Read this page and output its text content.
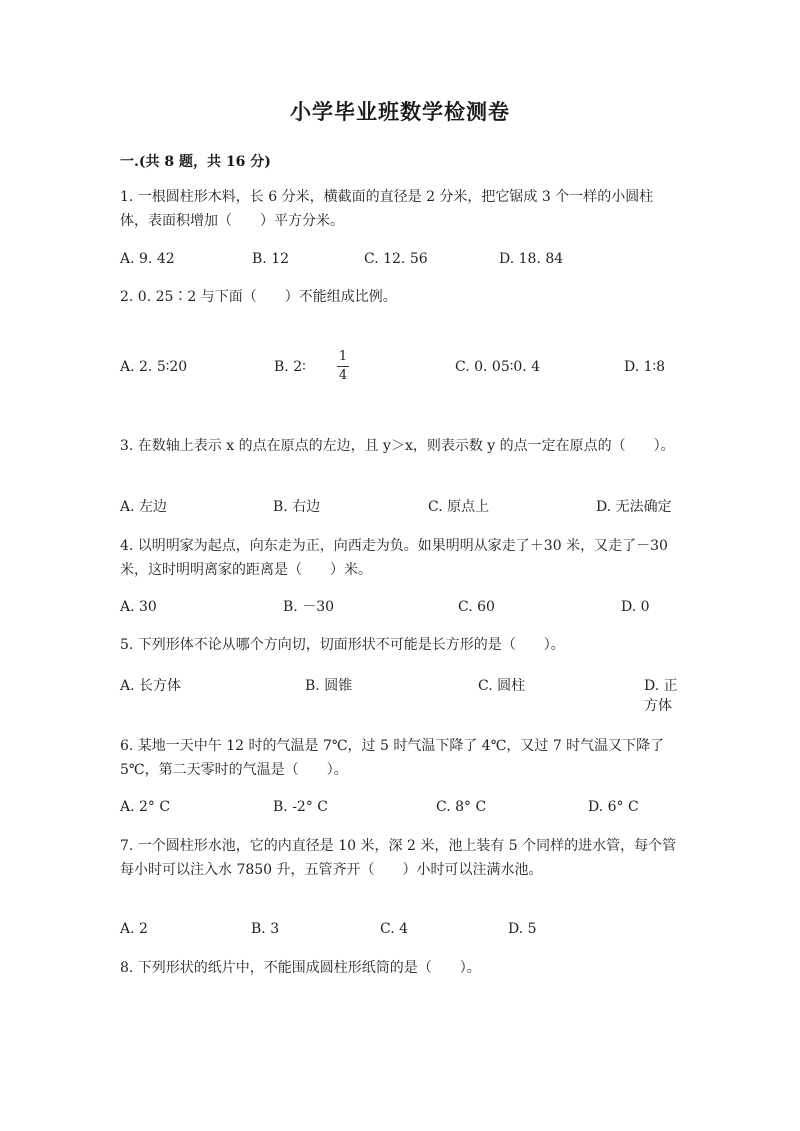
小学毕业班数学检测卷
一.(共 8 题，共 16 分)
1. 一根圆柱形木料，长 6 分米，横截面的直径是 2 分米，把它锯成 3 个一样的小圆柱体，表面积增加（　　）平方分米。
A. 9. 42	B. 12	C. 12. 56	D. 18. 84
2. 0. 25∶2 与下面（　　）不能组成比例。
A. 2. 5∶20	B. 2∶
1
4
C. 0. 05∶0. 4	D. 1∶8
3. 在数轴上表示 x 的点在原点的左边，且 y＞x，则表示数 y 的点一定在原点的（　　）。
A. 左边	B. 右边	C. 原点上	D. 无法确定
4. 以明明家为起点，向东走为正，向西走为负。如果明明从家走了＋30 米，又走了－30 米，这时明明离家的距离是（　　）米。
A. 30	B. －30	C. 60	D. 0
5. 下列形体不论从哪个方向切，切面形状不可能是长方形的是（　　）。
A. 长方体	B. 圆锥	C. 圆柱	D. 正方体
6. 某地一天中午 12 时的气温是 7℃，过 5 时气温下降了 4℃，又过 7 时气温又下降了 5℃，第二天零时的气温是（　　）。
A. 2° C	B. -2° C	C. 8° C	D. 6° C
7. 一个圆柱形水池，它的内直径是 10 米，深 2 米，池上装有 5 个同样的进水管，每个管每小时可以注入水 7850 升，五管齐开（　　）小时可以注满水池。
A. 2	B. 3	C. 4	D. 5
8. 下列形状的纸片中，不能围成圆柱形纸筒的是（　　）。
